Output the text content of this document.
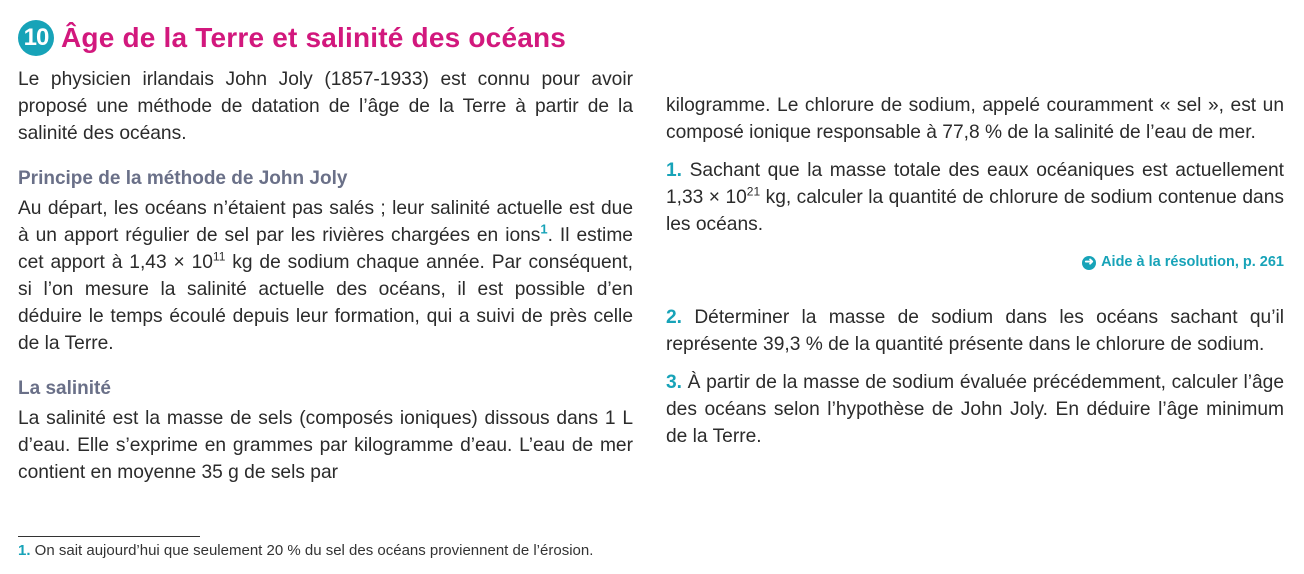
10 Âge de la Terre et salinité des océans

Le physicien irlandais John Joly (1857-1933) est connu pour avoir proposé une méthode de datation de l’âge de la Terre à partir de la salinité des océans.

Principe de la méthode de John Joly

Au départ, les océans n’étaient pas salés ; leur salinité actuelle est due à un apport régulier de sel par les rivières chargées en ions$^1$. Il estime cet apport à $1,43 \times 10^{11}$ kg de sodium chaque année. Par conséquent, si l’on mesure la salinité actuelle des océans, il est possible d’en déduire le temps écoulé depuis leur formation, qui a suivi de près celle de la Terre.

La salinité

La salinité est la masse de sels (composés ioniques) dissous dans 1 L d’eau. Elle s’exprime en grammes par kilogramme d’eau. L’eau de mer contient en moyenne 35 g de sels par

kilogramme. Le chlorure de sodium, appelé couramment « sel », est un composé ionique responsable à 77,8 % de la salinité de l’eau de mer.

1. Sachant que la masse totale des eaux océaniques est actuellement $1,33 \times 10^{21}$ kg, calculer la quantité de chlorure de sodium contenue dans les océans.

➜ Aide à la résolution, p. 261

2. Déterminer la masse de sodium dans les océans sachant qu’il représente 39,3 % de la quantité présente dans le chlorure de sodium.

3. À partir de la masse de sodium évaluée précédemment, calculer l’âge des océans selon l’hypothèse de John Joly. En déduire l’âge minimum de la Terre.

1. On sait aujourd’hui que seulement 20 % du sel des océans proviennent de l’érosion.
